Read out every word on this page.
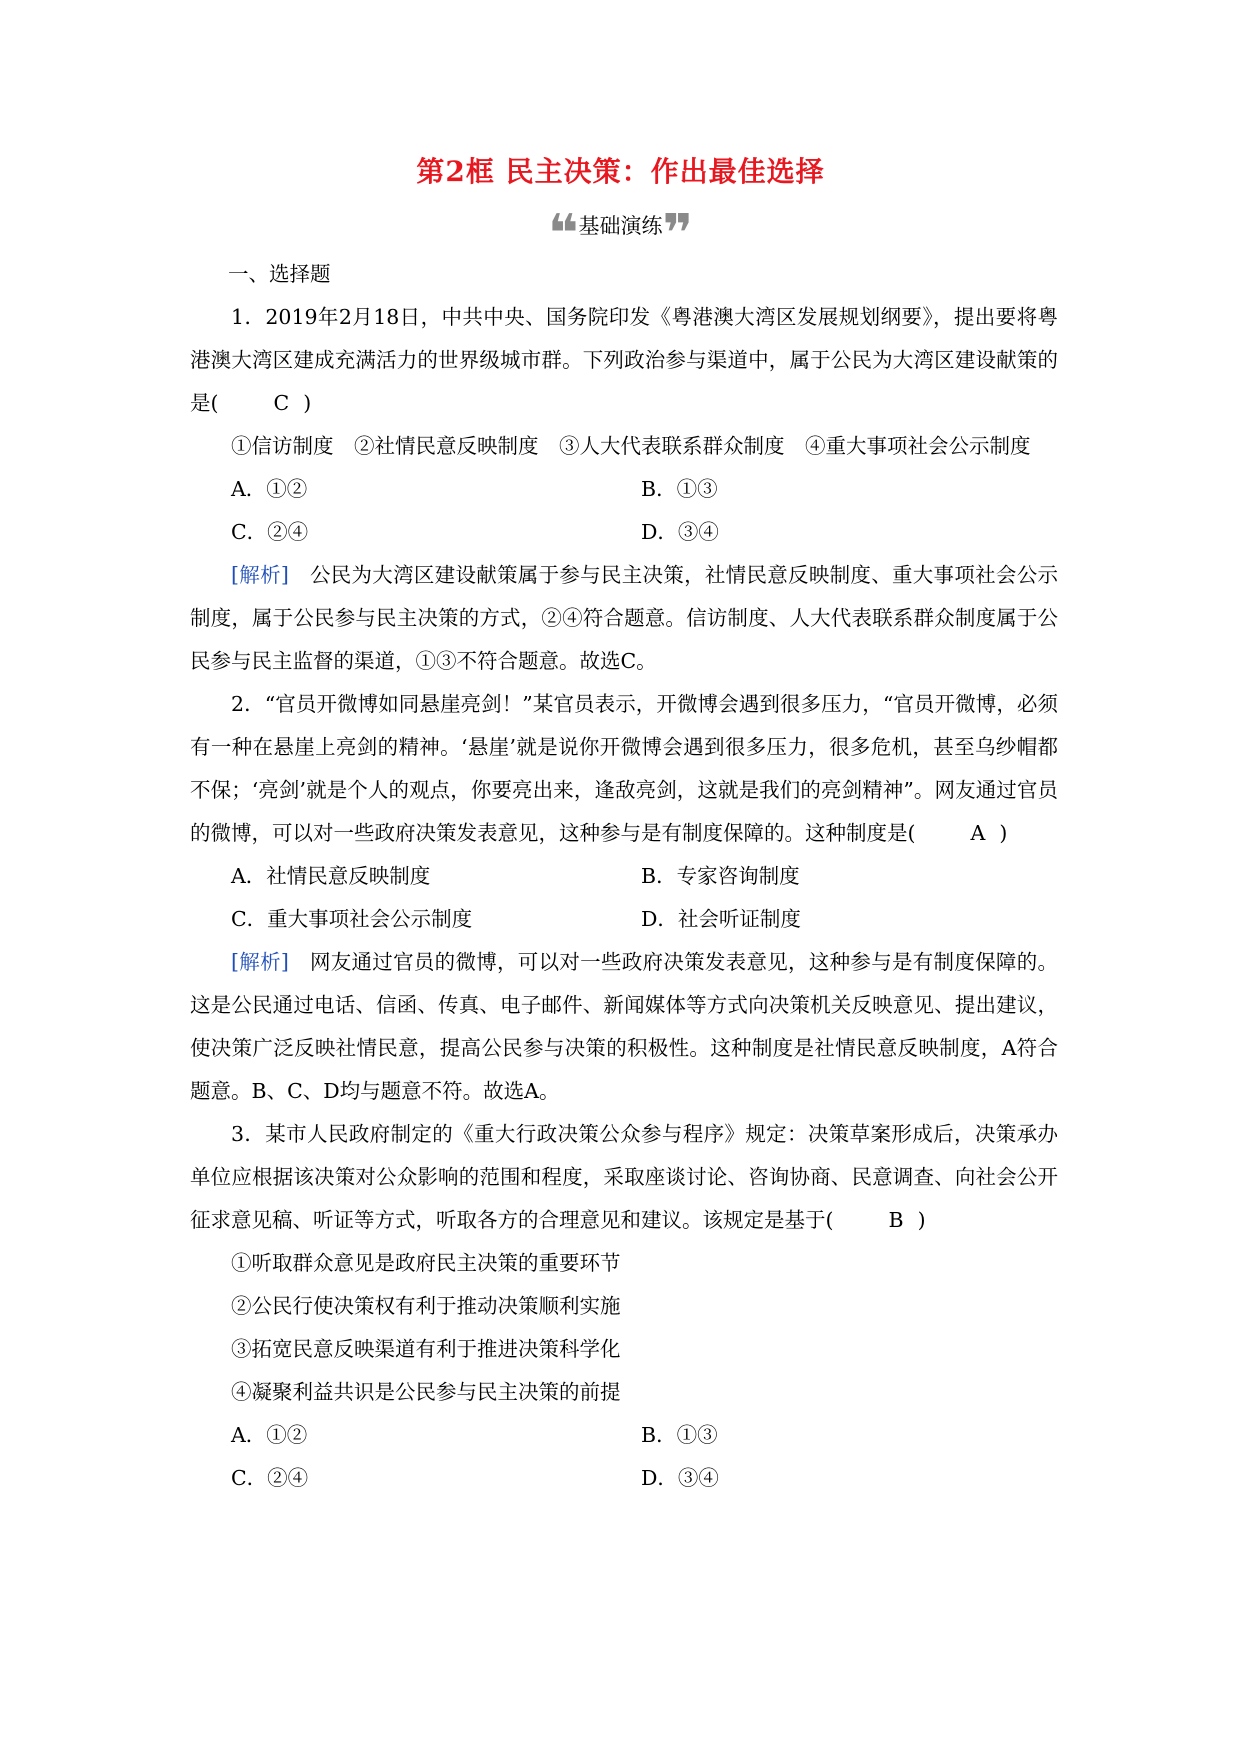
第2框 民主决策：作出最佳选择
❝基础演练❞

一、选择题

1．2019年2月18日，中共中央、国务院印发《粤港澳大湾区发展规划纲要》，提出要将粤港澳大湾区建成充满活力的世界级城市群。下列政治参与渠道中，属于公民为大湾区建设献策的是(	C )

①信访制度　②社情民意反映制度　③人大代表联系群众制度　④重大事项社会公示制度

A．①②	B．①③
C．②④	D．③④

[解析]　 公民为大湾区建设献策属于参与民主决策，社情民意反映制度、重大事项社会公示制度，属于公民参与民主决策的方式，②④符合题意。信访制度、人大代表联系群众制度属于公民参与民主监督的渠道，①③不符合题意。故选C。

2．“官员开微博如同悬崖亮剑！”某官员表示，开微博会遇到很多压力，“官员开微博，必须有一种在悬崖上亮剑的精神。‘悬崖’就是说你开微博会遇到很多压力，很多危机，甚至乌纱帽都不保；‘亮剑’就是个人的观点，你要亮出来，逢敌亮剑，这就是我们的亮剑精神”。网友通过官员的微博，可以对一些政府决策发表意见，这种参与是有制度保障的。这种制度是(	A )

A．社情民意反映制度	B．专家咨询制度
C．重大事项社会公示制度	D．社会听证制度

[解析]　 网友通过官员的微博，可以对一些政府决策发表意见，这种参与是有制度保障的。这是公民通过电话、信函、传真、电子邮件、新闻媒体等方式向决策机关反映意见、提出建议，使决策广泛反映社情民意，提高公民参与决策的积极性。这种制度是社情民意反映制度，A符合题意。B、C、D均与题意不符。故选A。

3．某市人民政府制定的《重大行政决策公众参与程序》规定：决策草案形成后，决策承办单位应根据该决策对公众影响的范围和程度，采取座谈讨论、咨询协商、民意调查、向社会公开征求意见稿、听证等方式，听取各方的合理意见和建议。该规定是基于(	B )

①听取群众意见是政府民主决策的重要环节

②公民行使决策权有利于推动决策顺利实施

③拓宽民意反映渠道有利于推进决策科学化

④凝聚利益共识是公民参与民主决策的前提

A．①②	B．①③
C．②④	D．③④
